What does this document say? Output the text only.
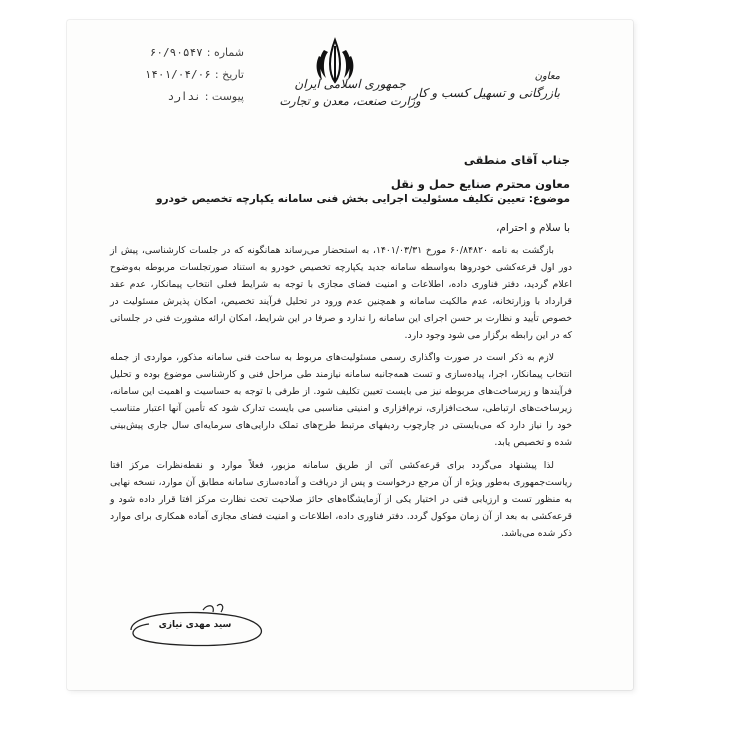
شماره :
۶۰/۹۰۵۴۷
تاریخ :
۱۴۰۱/۰۴/۰۶
پیوست :
ندارد
جمهوری اسلامی ایران
وزارت صنعت، معدن و تجارت
معاون
بازرگانی و تسهیل کسب و کار
جناب آقای منطقی
معاون محترم صنایع حمل و نقل
موضوع: تعیین تکلیف مسئولیت اجرایی بخش فنی سامانه یکپارچه تخصیص خودرو
با سلام و احترام،

بازگشت به نامه ۶۰/۸۴۸۲۰ مورخ ۱۴۰۱/۰۳/۳۱، به استحضار می‌رساند همانگونه که در جلسات کارشناسی، پیش از دور اول قرعه‌کشی خودروها به‌واسطه سامانه جدید یکپارچه تخصیص خودرو به استناد صورتجلسات مربوطه به‌وضوح اعلام گردید، دفتر فناوری داده، اطلاعات و امنیت فضای مجازی با توجه به شرایط فعلی انتخاب پیمانکار، عدم عقد قرارداد با وزارتخانه، عدم مالکیت سامانه و همچنین عدم ورود در تحلیل فرآیند تخصیص، امکان پذیرش مسئولیت در خصوص تأیید و نظارت بر حسن اجرای این سامانه را ندارد و صرفا در این شرایط، امکان ارائه مشورت فنی در جلساتی که در این رابطه برگزار می شود وجود دارد.

لازم به ذکر است در صورت واگذاری رسمی مسئولیت‌های مربوط به ساحت فنی سامانه مذکور، مواردی از جمله انتخاب پیمانکار، اجرا، پیاده‌سازی و تست همه‌جانبه سامانه نیازمند طی مراحل فنی و کارشناسی موضوع بوده و تحلیل فرآیندها و زیرساخت‌های مربوطه نیز می بایست تعیین تکلیف شود. از طرفی با توجه به حساسیت و اهمیت این سامانه، زیرساخت‌های ارتباطی، سخت‌افزاری، نرم‌افزاری و امنیتی مناسبی می بایست تدارک شود که تأمین آنها اعتبار متناسب خود را نیاز دارد که می‌بایستی در چارچوب ردیفهای مرتبط طرح‌های تملک دارایی‌های سرمایه‌ای سال جاری پیش‌بینی شده و تخصیص یابد.

لذا پیشنهاد می‌گردد برای قرعه‌کشی آتی از طریق سامانه مزبور، فعلاً موارد و نقطه‌نظرات مرکز افتا ریاست‌جمهوری به‌طور ویژه از آن مرجع درخواست و پس از دریافت و آماده‌سازی سامانه مطابق آن موارد، نسخه نهایی به منظور تست و ارزیابی فنی در اختیار یکی از آزمایشگاه‌های حائز صلاحیت تحت نظارت مرکز افتا قرار داده شود و قرعه‌کشی به بعد از آن زمان موکول گردد. دفتر فناوری داده، اطلاعات و امنیت فضای مجازی آماده همکاری برای موارد ذکر شده می‌باشد.

سید مهدی نیازی
